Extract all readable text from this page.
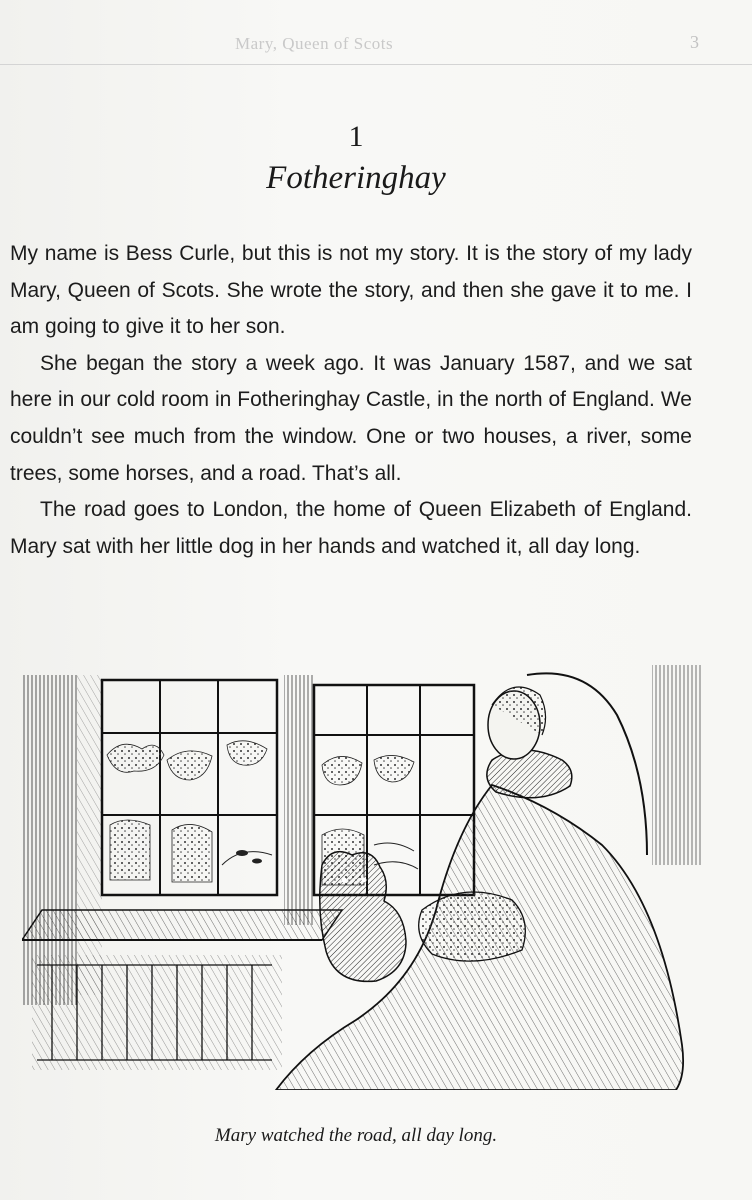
Mary, Queen of Scots	3
1
Fotheringhay

My name is Bess Curle, but this is not my story. It is the story of my lady Mary, Queen of Scots. She wrote the story, and then she gave it to me. I am going to give it to her son.

She began the story a week ago. It was January 1587, and we sat here in our cold room in Fotheringhay Castle, in the north of England. We couldn’t see much from the window. One or two houses, a river, some trees, some horses, and a road. That’s all.

The road goes to London, the home of Queen Elizabeth of England. Mary sat with her little dog in her hands and watched it, all day long.

Mary watched the road, all day long.
